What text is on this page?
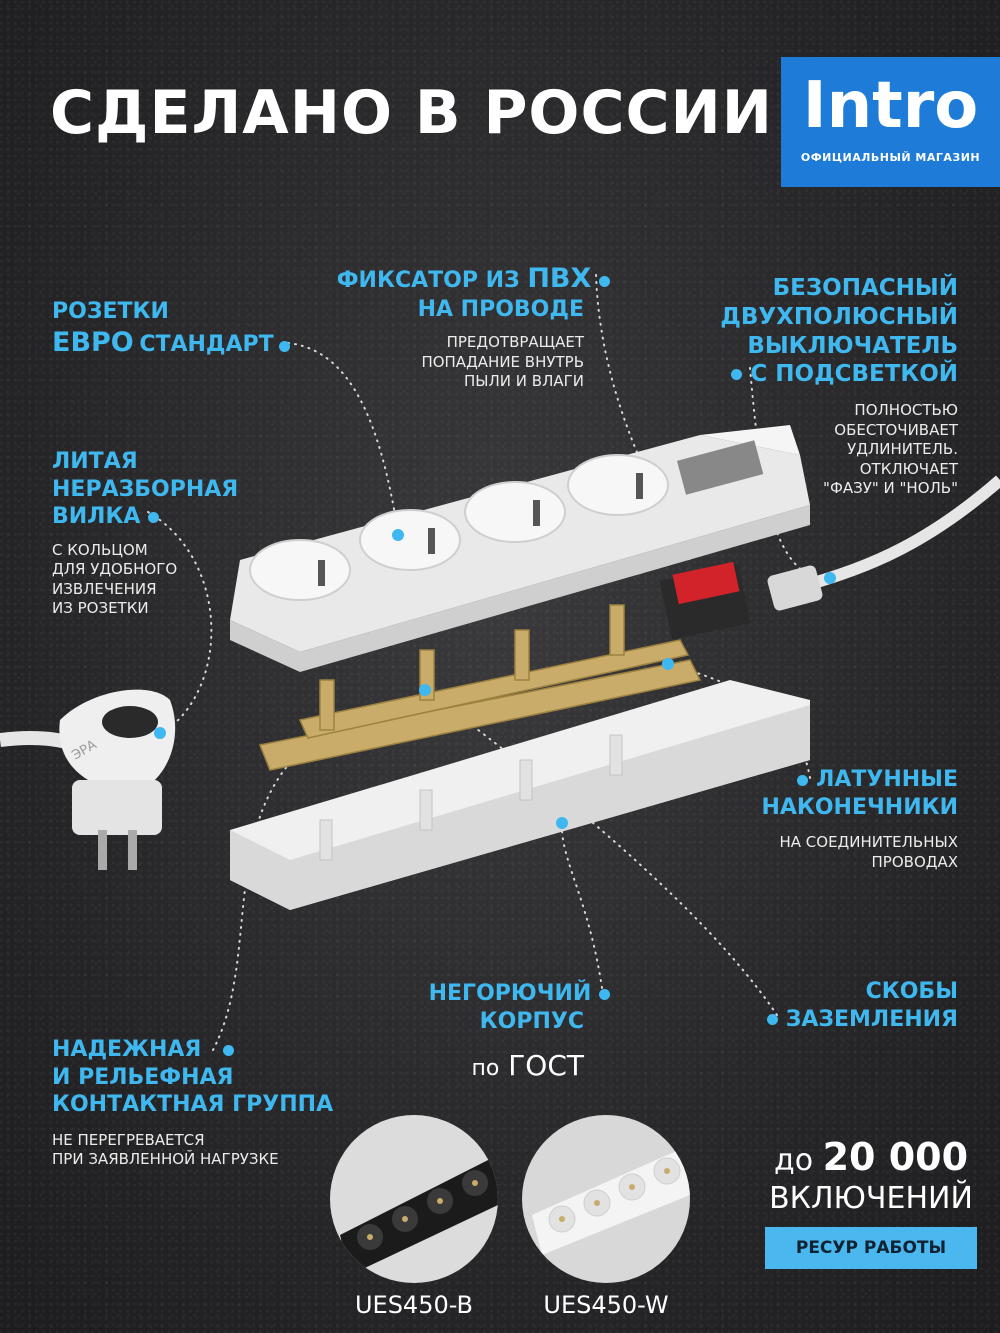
СДЕЛАНО В РОССИИ Intro
ОФИЦИАЛЬНЫЙ МАГАЗИН
ЭРА
РОЗЕТКИ
ЕВРО СТАНДАРТ
ФИКСАТОР ИЗ ПВХ
НА ПРОВОДЕ
ПРЕДОТВРАЩАЕТ
ПОПАДАНИЕ ВНУТРЬ
ПЫЛИ И ВЛАГИ
БЕЗОПАСНЫЙ
ДВУХПОЛЮСНЫЙ
ВЫКЛЮЧАТЕЛЬ
С ПОДСВЕТКОЙ
ПОЛНОСТЬЮ
ОБЕСТОЧИВАЕТ
УДЛИНИТЕЛЬ.
ОТКЛЮЧАЕТ
"ФАЗУ" И "НОЛЬ"
ЛИТАЯ
НЕРАЗБОРНАЯ
ВИЛКА
С КОЛЬЦОМ
ДЛЯ УДОБНОГО
ИЗВЛЕЧЕНИЯ
ИЗ РОЗЕТКИ
ЛАТУННЫЕ
НАКОНЕЧНИКИ
НА СОЕДИНИТЕЛЬНЫХ
ПРОВОДАХ
НЕГОРЮЧИЙ
КОРПУС
по ГОСТ
СКОБЫ
ЗАЗЕМЛЕНИЯ
НАДЕЖНАЯ
И РЕЛЬЕФНАЯ
КОНТАКТНАЯ ГРУППА
НЕ ПЕРЕГРЕВАЕТСЯ
ПРИ ЗАЯВЛЕННОЙ НАГРУЗКЕ
UES450-B	UES450-W
до 20 000
ВКЛЮЧЕНИЙ
РЕСУР РАБОТЫ
